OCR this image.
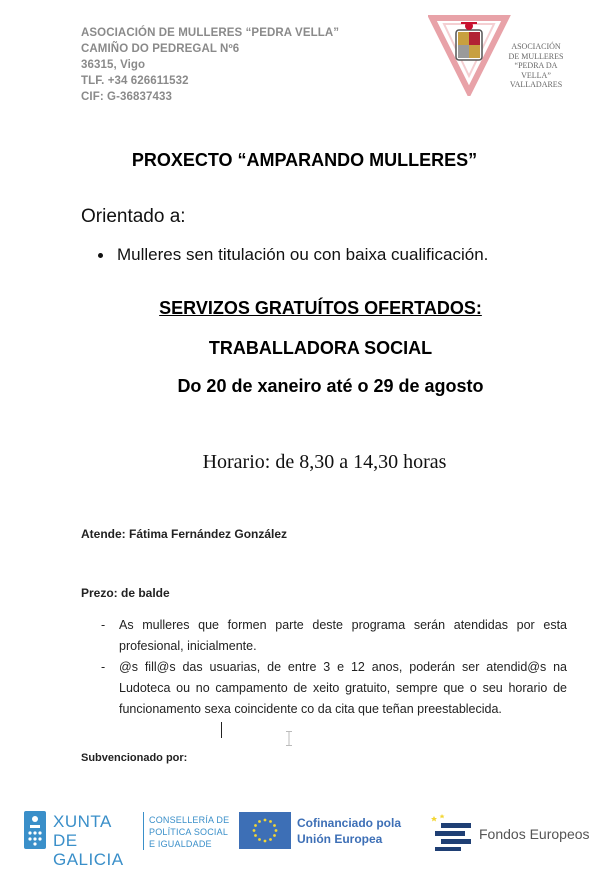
ASOCIACIÓN DE MULLERES “PEDRA VELLA”
CAMIÑO DO PEDREGAL Nº6
36315, Vigo
TLF. +34 626611532
CIF: G-36837433
ASOCIACIÓN
DE MULLERES
“PEDRA DA VELLA”
VALLADARES
PROXECTO “AMPARANDO MULLERES”
Orientado a:
Mulleres sen titulación ou con baixa cualificación.
SERVIZOS GRATUÍTOS OFERTADOS:
TRABALLADORA SOCIAL
Do 20 de xaneiro até o 29 de agosto
Horario: de 8,30 a 14,30 horas
Atende: Fátima Fernández González
Prezo: de balde
- As mulleres que formen parte deste programa serán atendidas por esta profesional, inicialmente.
- @s fill@s das usuarias, de entre 3 e 12 anos, poderán ser atendid@s na Ludoteca ou no campamento de xeito gratuito, sempre que o seu horario de funcionamento sexa coincidente co da cita que teñan preestablecida.
Subvencionado por:
XUNTA
DE GALICIA
CONSELLERÍA DE
POLÍTICA SOCIAL
E IGUALDADE
Cofinanciado pola
Unión Europea	Fondos Europeos
